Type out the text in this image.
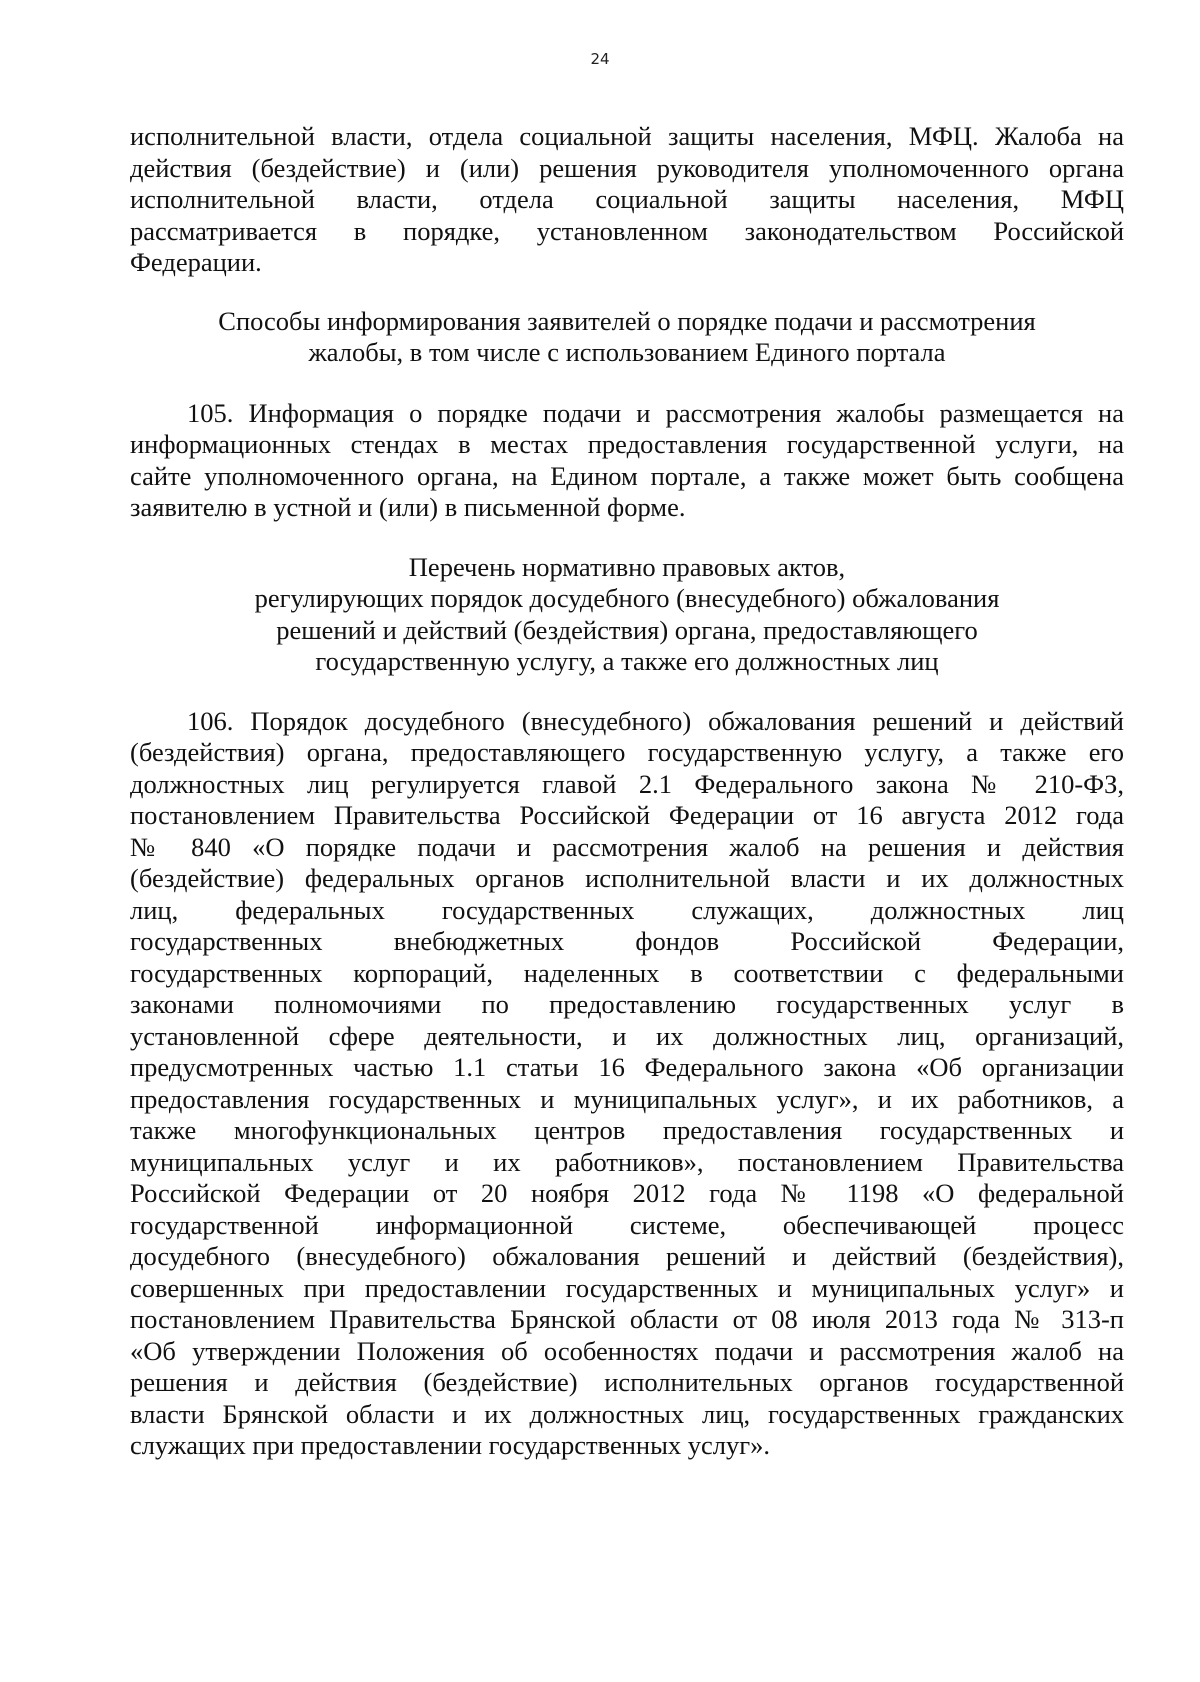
24
исполнительной власти, отдела социальной защиты населения, МФЦ. Жалоба на
действия (бездействие) и (или) решения руководителя уполномоченного органа
исполнительной власти, отдела социальной защиты населения, МФЦ
рассматривается в порядке, установленном законодательством Российской
Федерации.
Способы информирования заявителей о порядке подачи и рассмотрения
жалобы, в том числе с использованием Единого портала
105. Информация о порядке подачи и рассмотрения жалобы размещается на
информационных стендах в местах предоставления государственной услуги, на
сайте уполномоченного органа, на Едином портале, а также может быть сообщена
заявителю в устной и (или) в письменной форме.
Перечень нормативно правовых актов,
регулирующих порядок досудебного (внесудебного) обжалования
решений и действий (бездействия) органа, предоставляющего
государственную услугу, а также его должностных лиц
106. Порядок досудебного (внесудебного) обжалования решений и действий
(бездействия) органа, предоставляющего государственную услугу, а также его
должностных лиц регулируется главой 2.1 Федерального закона № 210-ФЗ,
постановлением Правительства Российской Федерации от 16 августа 2012 года
№ 840 «О порядке подачи и рассмотрения жалоб на решения и действия
(бездействие) федеральных органов исполнительной власти и их должностных
лиц, федеральных государственных служащих, должностных лиц
государственных внебюджетных фондов Российской Федерации,
государственных корпораций, наделенных в соответствии с федеральными
законами полномочиями по предоставлению государственных услуг в
установленной сфере деятельности, и их должностных лиц, организаций,
предусмотренных частью 1.1 статьи 16 Федерального закона «Об организации
предоставления государственных и муниципальных услуг», и их работников, а
также многофункциональных центров предоставления государственных и
муниципальных услуг и их работников», постановлением Правительства
Российской Федерации от 20 ноября 2012 года № 1198 «О федеральной
государственной информационной системе, обеспечивающей процесс
досудебного (внесудебного) обжалования решений и действий (бездействия),
совершенных при предоставлении государственных и муниципальных услуг» и
постановлением Правительства Брянской области от 08 июля 2013 года № 313-п
«Об утверждении Положения об особенностях подачи и рассмотрения жалоб на
решения и действия (бездействие) исполнительных органов государственной
власти Брянской области и их должностных лиц, государственных гражданских
служащих при предоставлении государственных услуг».
